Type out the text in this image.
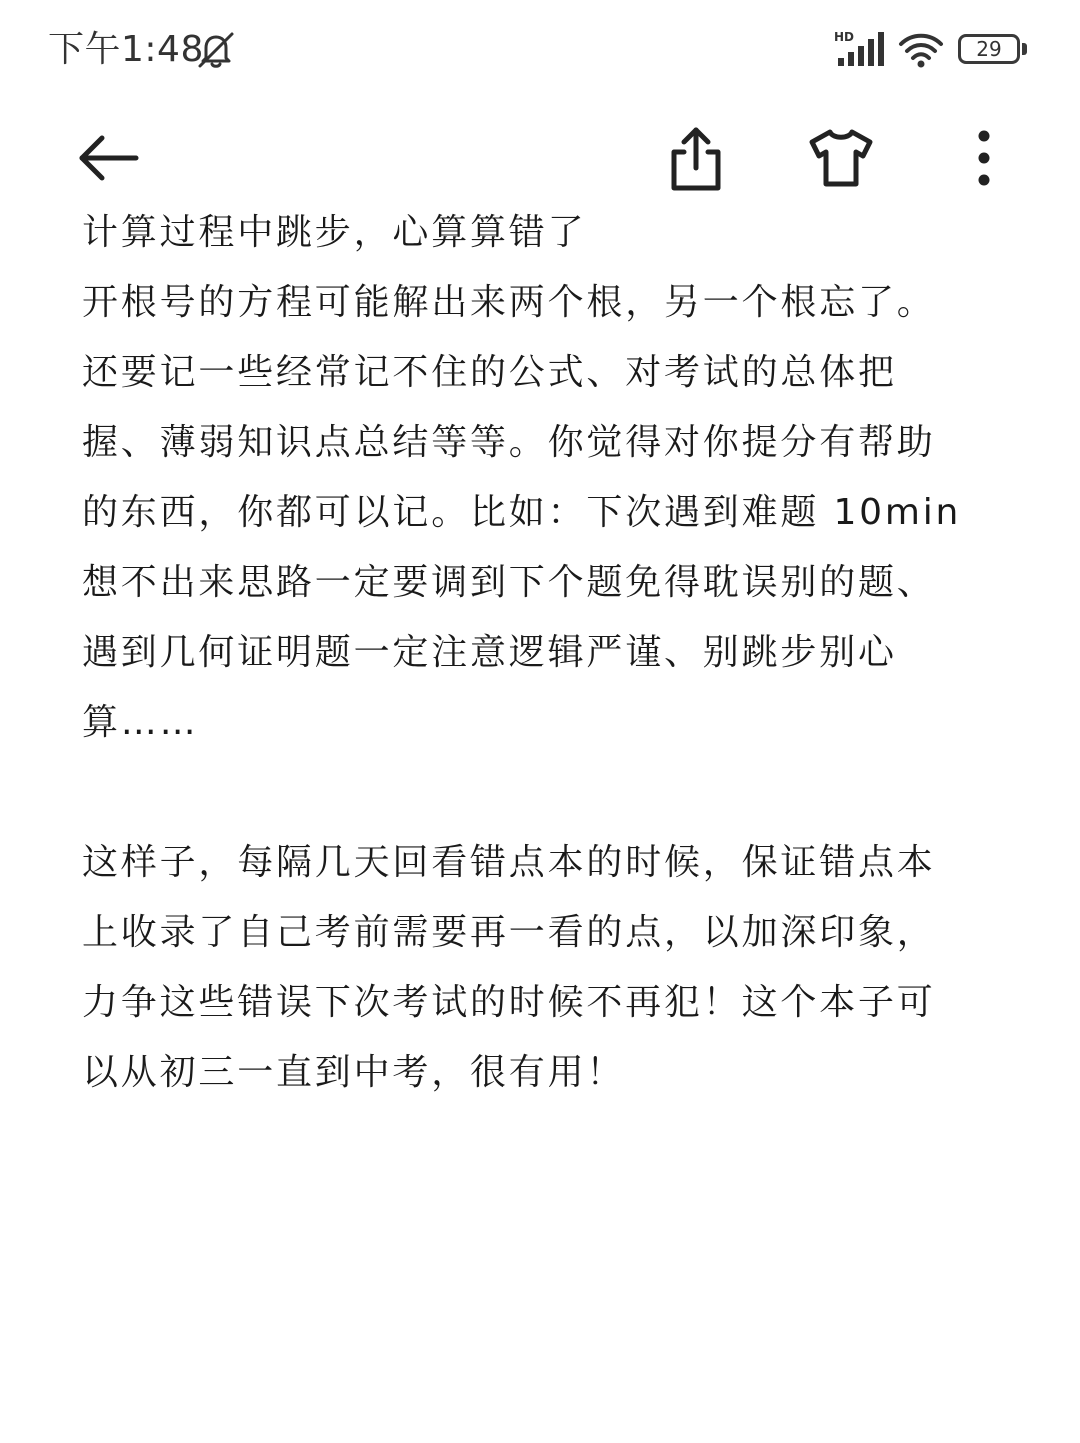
下午1:48	HD	29

计算过程中跳步，心算算错了

开根号的方程可能解出来两个根，另一个根忘了。

还要记一些经常记不住的公式、对考试的总体把

握、薄弱知识点总结等等。你觉得对你提分有帮助

的东西，你都可以记。比如：下次遇到难题 10min

想不出来思路一定要调到下个题免得耽误别的题、

遇到几何证明题一定注意逻辑严谨、别跳步别心

算……

这样子，每隔几天回看错点本的时候，保证错点本

上收录了自己考前需要再一看的点，以加深印象，

力争这些错误下次考试的时候不再犯！这个本子可

以从初三一直到中考，很有用！
